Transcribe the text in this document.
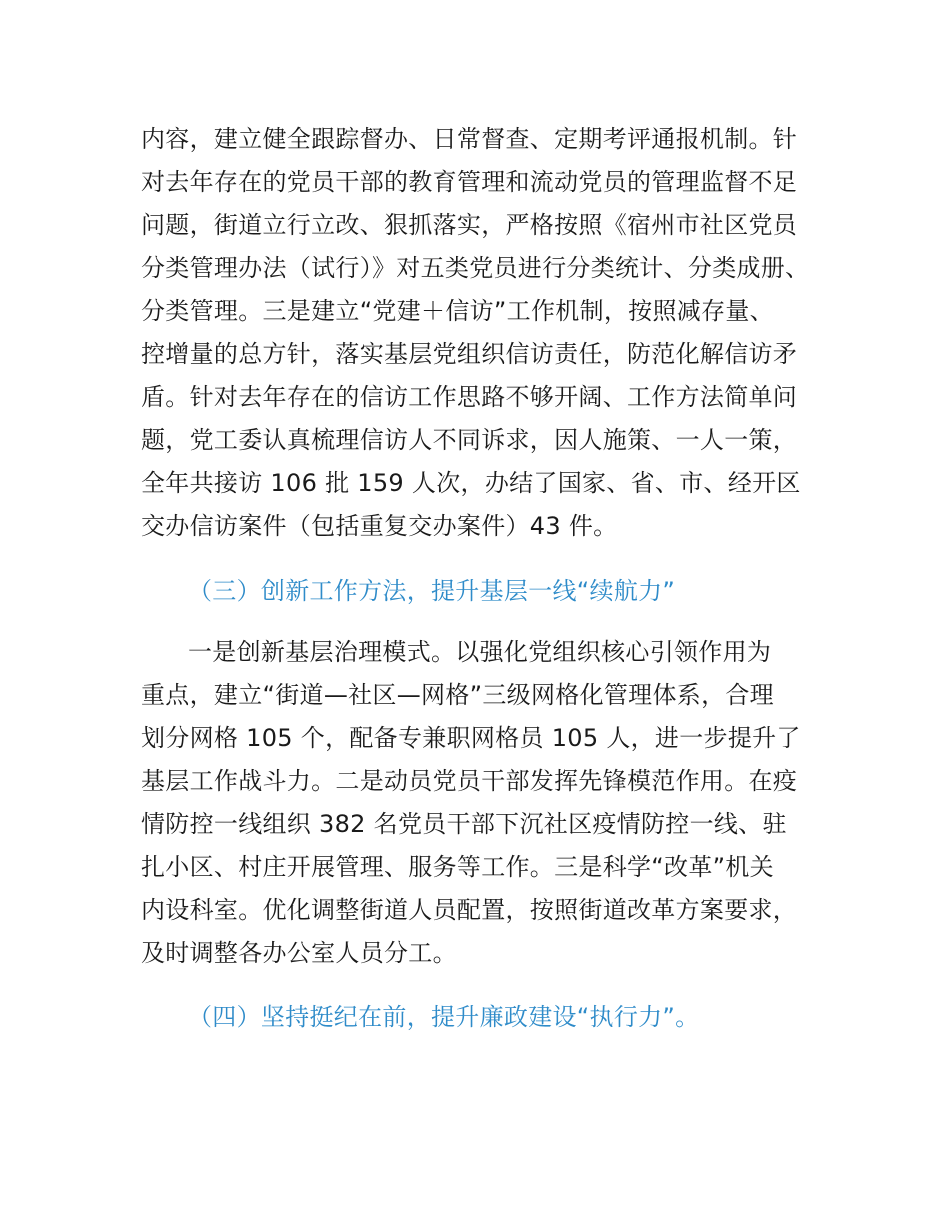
内容，建立健全跟踪督办、日常督查、定期考评通报机制。针
对去年存在的党员干部的教育管理和流动党员的管理监督不足
问题，街道立行立改、狠抓落实，严格按照《宿州市社区党员
分类管理办法（试行）》对五类党员进行分类统计、分类成册、
分类管理。三是建立“党建＋信访”工作机制，按照减存量、
控增量的总方针，落实基层党组织信访责任，防范化解信访矛
盾。针对去年存在的信访工作思路不够开阔、工作方法简单问
题，党工委认真梳理信访人不同诉求，因人施策、一人一策，
全年共接访 106 批 159 人次，办结了国家、省、市、经开区
交办信访案件（包括重复交办案件）43 件。
（三）创新工作方法，提升基层一线“续航力”
一是创新基层治理模式。以强化党组织核心引领作用为
重点，建立“街道—社区—网格”三级网格化管理体系，合理
划分网格 105 个，配备专兼职网格员 105 人，进一步提升了
基层工作战斗力。二是动员党员干部发挥先锋模范作用。在疫
情防控一线组织 382 名党员干部下沉社区疫情防控一线、驻
扎小区、村庄开展管理、服务等工作。三是科学“改革”机关
内设科室。优化调整街道人员配置，按照街道改革方案要求，
及时调整各办公室人员分工。
（四）坚持挺纪在前，提升廉政建设“执行力”。
